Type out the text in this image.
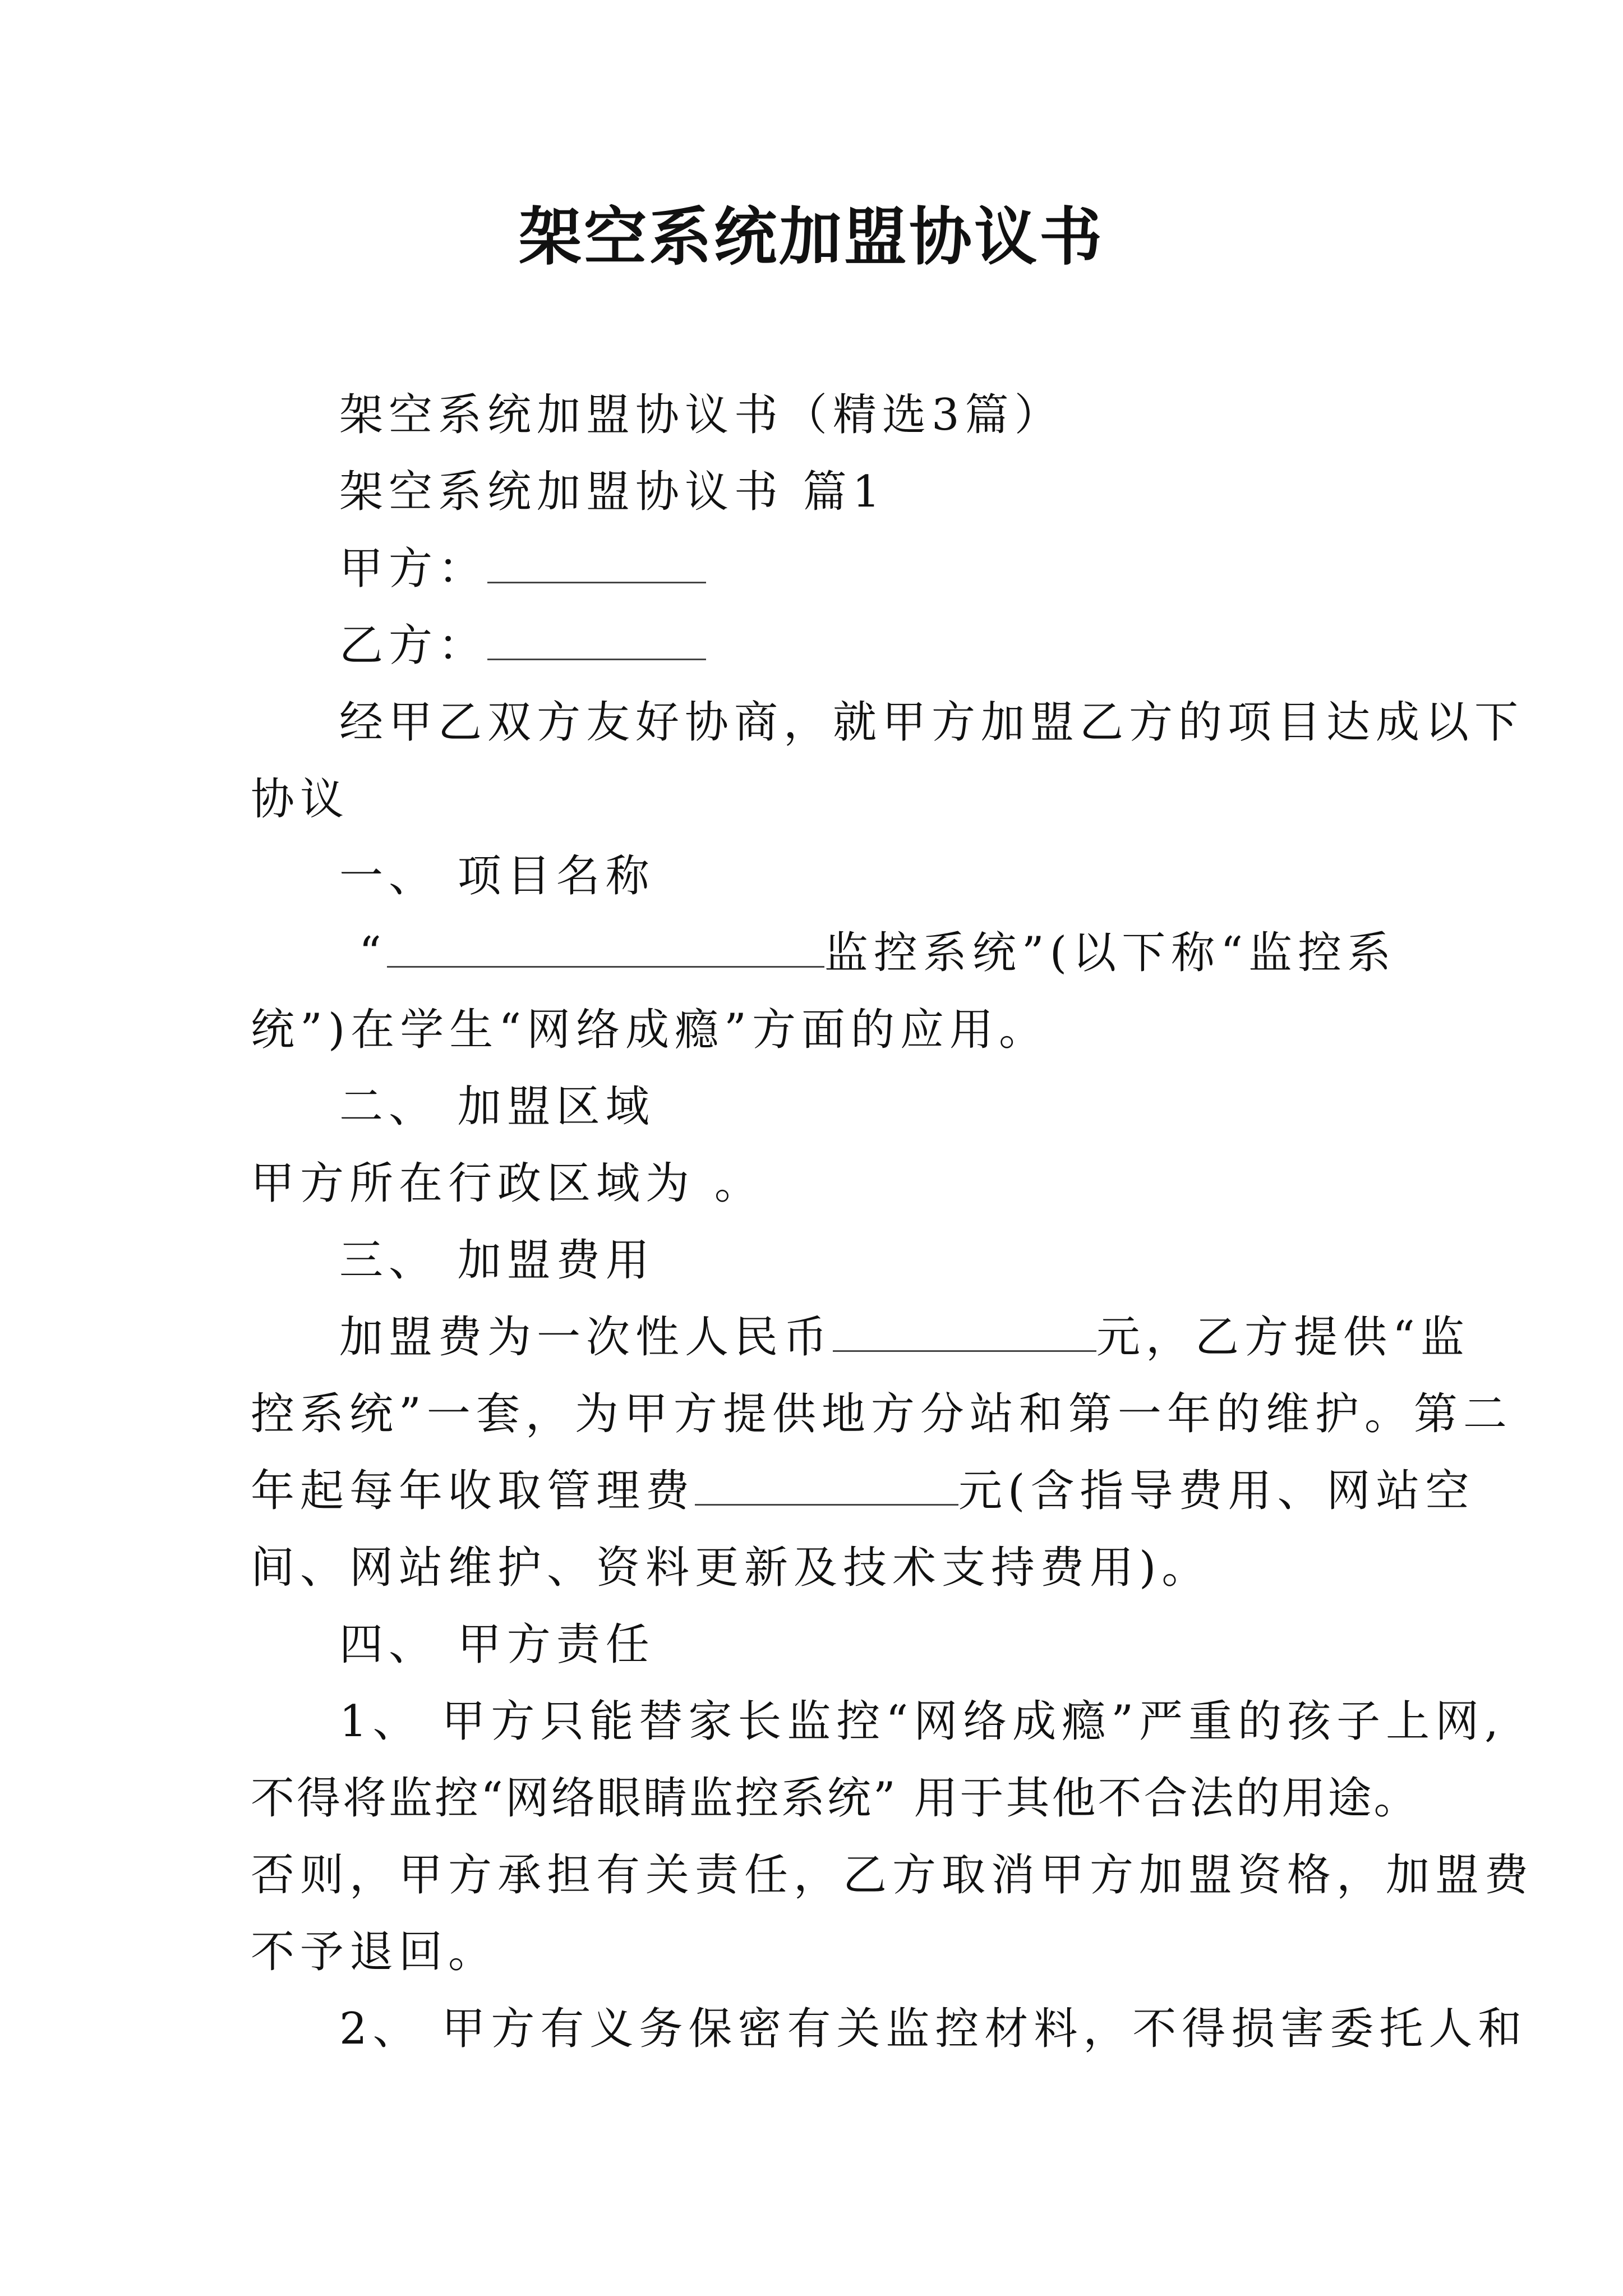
架空系统加盟协议书
架空系统加盟协议书（精选3篇）
架空系统加盟协议书 篇1
甲方：
乙方：
经甲乙双方友好协商，就甲方加盟乙方的项目达成以下
协议
一、 项目名称
“	监控系统”(以下称“监控系
统”)在学生“网络成瘾”方面的应用。
二、 加盟区域
甲方所在行政区域为 。
三、 加盟费用
加盟费为一次性人民币	元，乙方提供“监
控系统”一套，为甲方提供地方分站和第一年的维护。第二
年起每年收取管理费	元(含指导费用、网站空
间、网站维护、资料更新及技术支持费用)。
四、 甲方责任
1、 甲方只能替家长监控“网络成瘾”严重的孩子上网,
不得将监控“网络眼睛监控系统” 用于其他不合法的用途。
否则，甲方承担有关责任，乙方取消甲方加盟资格，加盟费
不予退回。
2、 甲方有义务保密有关监控材料，不得损害委托人和
